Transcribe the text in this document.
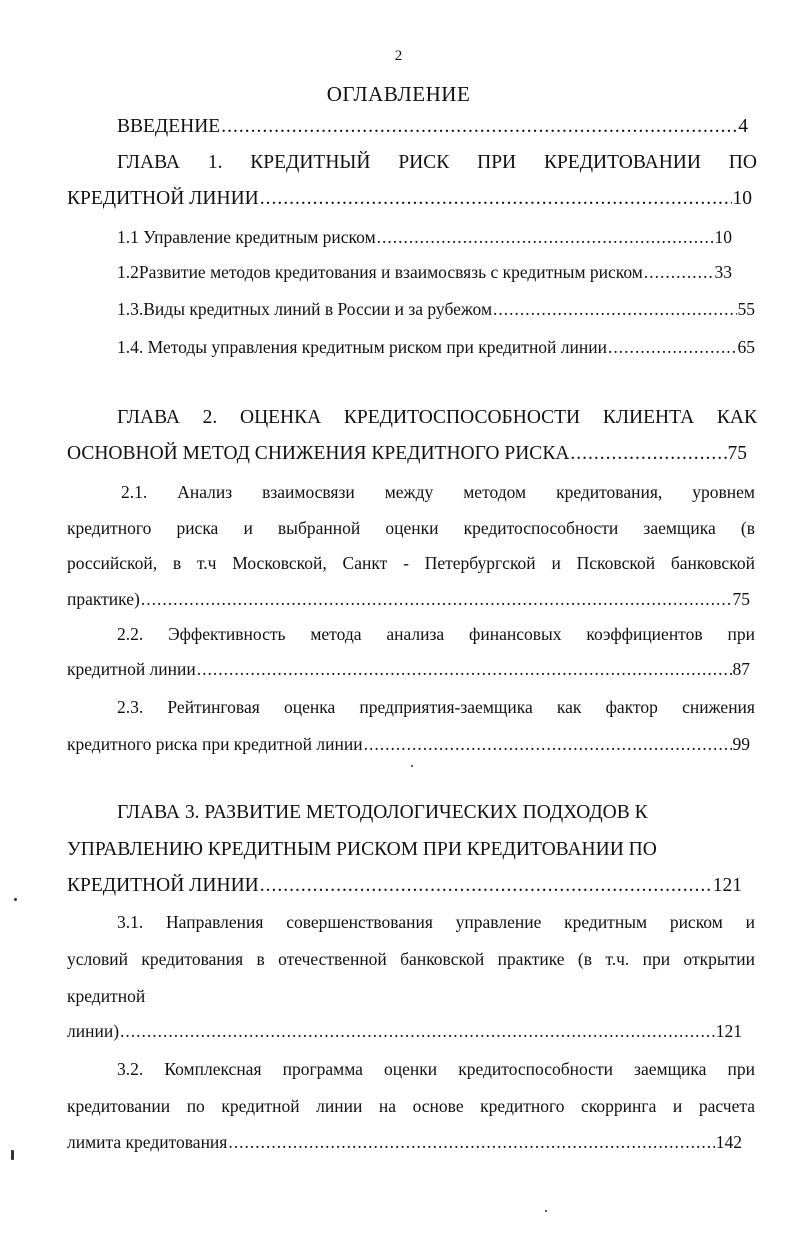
2
ОГЛАВЛЕНИЕ
ВВЕДЕНИЕ .....	4
ГЛАВА 1. КРЕДИТНЫЙ РИСК ПРИ КРЕДИТОВАНИИ ПО
КРЕДИТНОЙ ЛИНИИ .....	10
1.1 Управление кредитным риском .....	10
1.2Развитие методов кредитования и взаимосвязь с кредитным риском .....	33
1.3.Виды кредитных линий в России и за рубежом .....	55
1.4. Методы управления кредитным риском при кредитной линии .....	65
ГЛАВА 2. ОЦЕНКА КРЕДИТОСПОСОБНОСТИ КЛИЕНТА КАК
ОСНОВНОЙ МЕТОД СНИЖЕНИЯ КРЕДИТНОГО РИСКА .....	75
2.1. Анализ взаимосвязи между методом кредитования, уровнем
кредитного риска и выбранной оценки кредитоспособности заемщика (в
российской, в т.ч Московской, Санкт - Петербургской и Псковской банковской
практике) .....	75
2.2. Эффективность метода анализа финансовых коэффициентов при
кредитной линии .....	87
2.3. Рейтинговая оценка предприятия-заемщика как фактор снижения
кредитного риска при кредитной линии .....	99
ГЛАВА 3. РАЗВИТИЕ МЕТОДОЛОГИЧЕСКИХ ПОДХОДОВ К
УПРАВЛЕНИЮ КРЕДИТНЫМ РИСКОМ ПРИ КРЕДИТОВАНИИ ПО
КРЕДИТНОЙ ЛИНИИ .....	121
3.1. Направления совершенствования управление кредитным риском и
условий кредитования в отечественной банковской практике (в т.ч. при открытии
кредитной
линии) .....	121
3.2. Комплексная программа оценки кредитоспособности заемщика при
кредитовании по кредитной линии на основе кредитного скорринга и расчета
лимита кредитования .....	142
